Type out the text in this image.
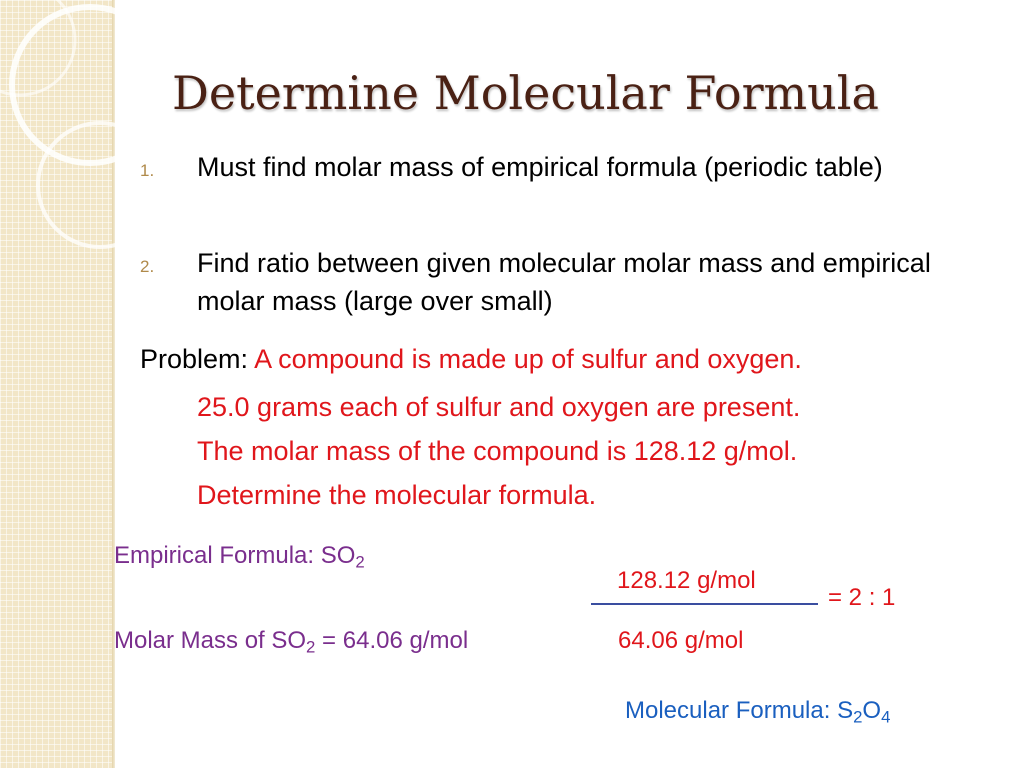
Determine Molecular Formula
1. Must find molar mass of empirical formula (periodic table)
2. Find ratio between given molecular molar mass and empirical molar mass (large over small)
Problem: A compound is made up of sulfur and oxygen.
25.0 grams each of sulfur and oxygen are present.
The molar mass of the compound is 128.12 g/mol.
Determine the molecular formula.
Empirical Formula: $SO_2$
Molar Mass of $SO_2 = 64.06$ g/mol
128.12 g/mol
= 2 : 1
64.06 g/mol
Molecular Formula: $S_2O_4$
